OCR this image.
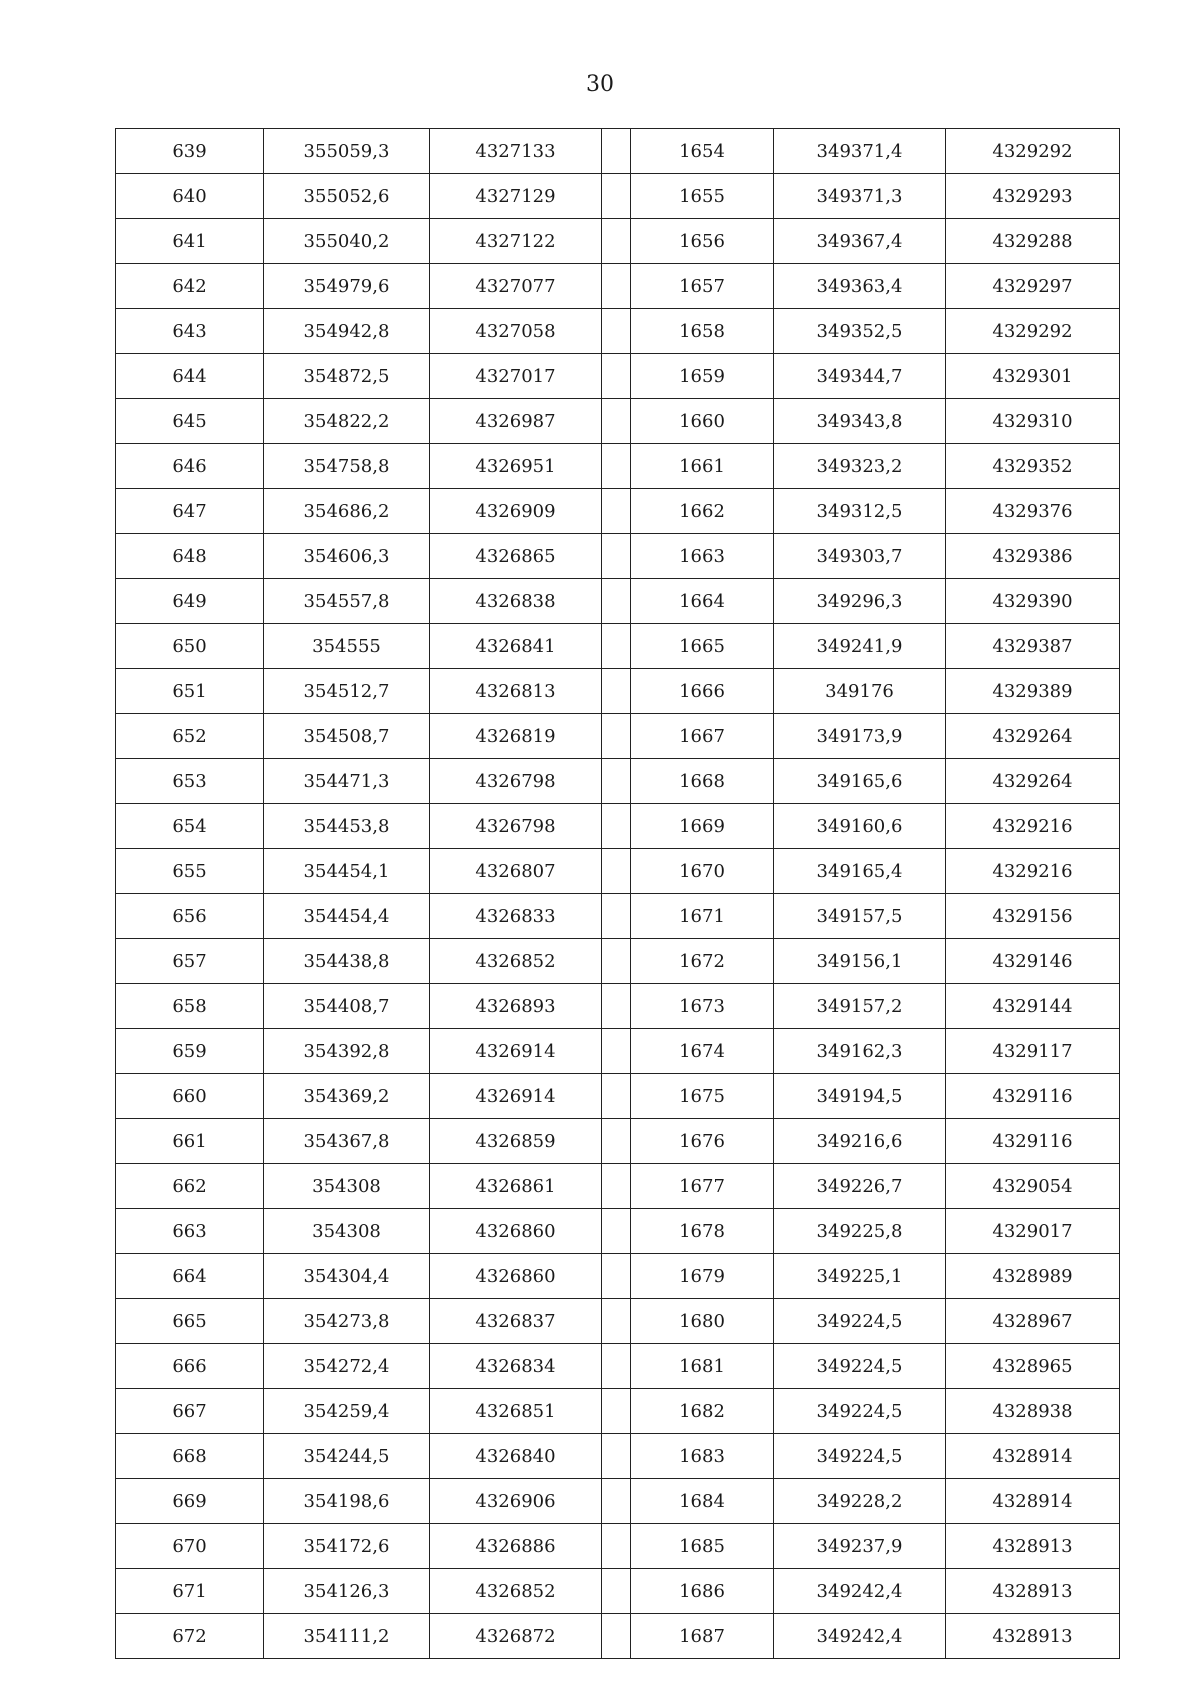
30
639	355059,3	4327133		1654	349371,4	4329292
640	355052,6	4327129		1655	349371,3	4329293
641	355040,2	4327122		1656	349367,4	4329288
642	354979,6	4327077		1657	349363,4	4329297
643	354942,8	4327058		1658	349352,5	4329292
644	354872,5	4327017		1659	349344,7	4329301
645	354822,2	4326987		1660	349343,8	4329310
646	354758,8	4326951		1661	349323,2	4329352
647	354686,2	4326909		1662	349312,5	4329376
648	354606,3	4326865		1663	349303,7	4329386
649	354557,8	4326838		1664	349296,3	4329390
650	354555	4326841		1665	349241,9	4329387
651	354512,7	4326813		1666	349176	4329389
652	354508,7	4326819		1667	349173,9	4329264
653	354471,3	4326798		1668	349165,6	4329264
654	354453,8	4326798		1669	349160,6	4329216
655	354454,1	4326807		1670	349165,4	4329216
656	354454,4	4326833		1671	349157,5	4329156
657	354438,8	4326852		1672	349156,1	4329146
658	354408,7	4326893		1673	349157,2	4329144
659	354392,8	4326914		1674	349162,3	4329117
660	354369,2	4326914		1675	349194,5	4329116
661	354367,8	4326859		1676	349216,6	4329116
662	354308	4326861		1677	349226,7	4329054
663	354308	4326860		1678	349225,8	4329017
664	354304,4	4326860		1679	349225,1	4328989
665	354273,8	4326837		1680	349224,5	4328967
666	354272,4	4326834		1681	349224,5	4328965
667	354259,4	4326851		1682	349224,5	4328938
668	354244,5	4326840		1683	349224,5	4328914
669	354198,6	4326906		1684	349228,2	4328914
670	354172,6	4326886		1685	349237,9	4328913
671	354126,3	4326852		1686	349242,4	4328913
672	354111,2	4326872		1687	349242,4	4328913
